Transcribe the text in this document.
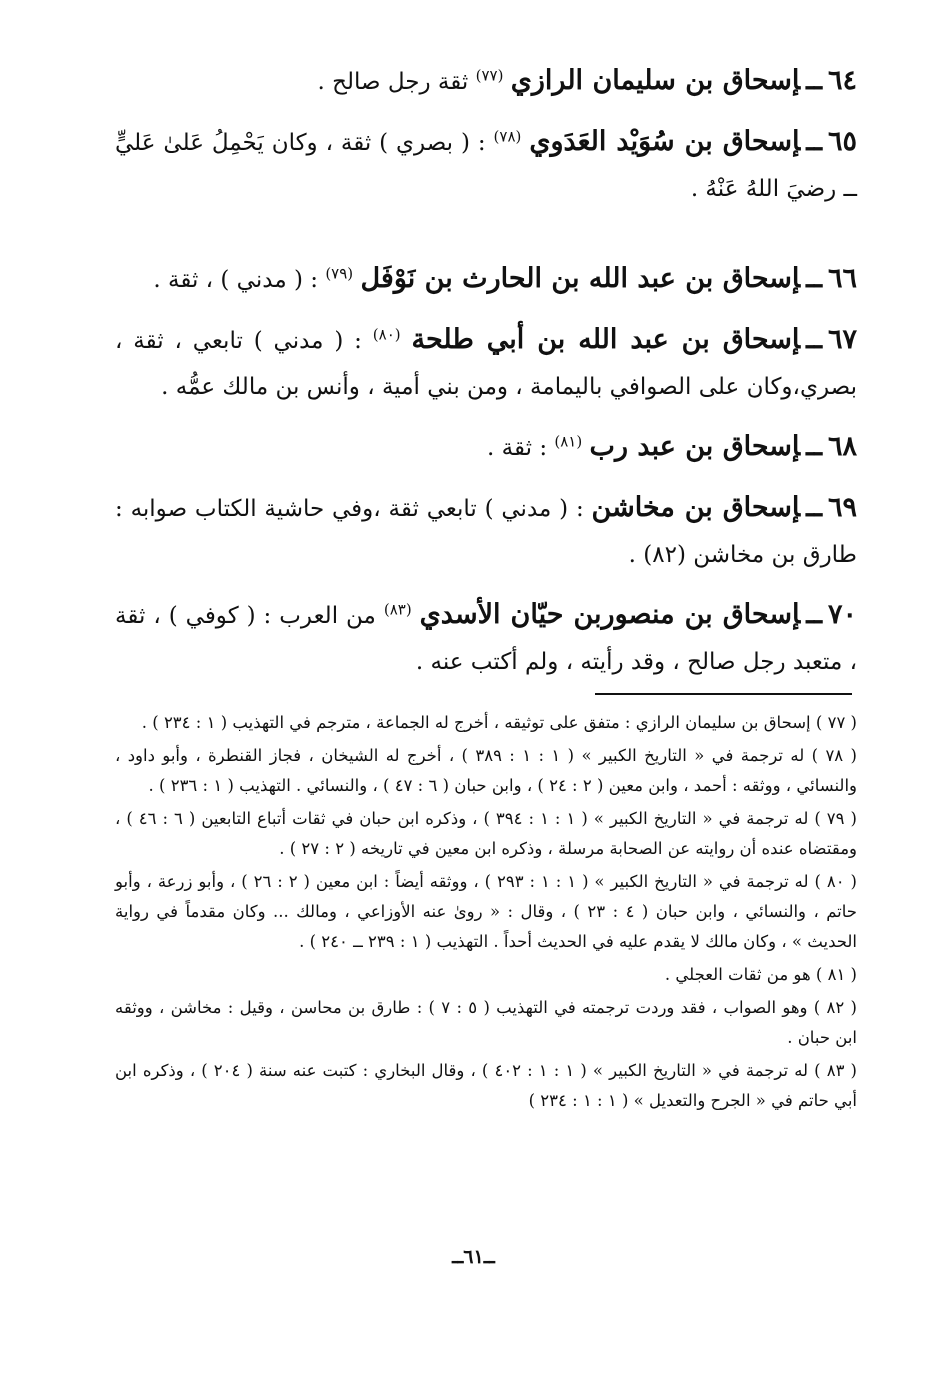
٦٤ــإسحاق بن سليمان الرازي $^{(٧٧)}$ ثقة رجل صالح .

٦٥ــإسحاق بن سُوَيْد العَدَوي $^{(٧٨)}$ : ( بصري ) ثقة ، وكان يَحْمِلُ عَلىٰ عَليٍّ ــ رضيَ اللهُ عَنْهُ .

٦٦ــإسحاق بن عبد الله بن الحارث بن نَوْفَل $^{(٧٩)}$ : ( مدني ) ، ثقة .

٦٧ــإسحاق بن عبد الله بن أبي طلحة $^{(٨٠)}$ : ( مدني ) تابعي ، ثقة ، بصري،وكان على الصوافي باليمامة ، ومن بني أمية ، وأنس بن مالك عمُّه .

٦٨ــإسحاق بن عبد رب $^{(٨١)}$ : ثقة .

٦٩ــإسحاق بن مخاشن : ( مدني ) تابعي ثقة ،وفي حاشية الكتاب صوابه : طارق بن مخاشن (٨٢) .

٧٠ــإسحاق بن منصوربن حيّان الأسدي $^{(٨٣)}$ من العرب : ( كوفي ) ، ثقة ، متعبد رجل صالح ، وقد رأيته ، ولم أكتب عنه .

( ٧٧ ) إسحاق بن سليمان الرازي : متفق على توثيقه ، أخرج له الجماعة ، مترجم في التهذيب ( ١ : ٢٣٤ ) .

( ٧٨ ) له ترجمة في « التاريخ الكبير » ( ١ : ١ : ٣٨٩ ) ، أخرج له الشيخان ، فجاز القنطرة ، وأبو داود ، والنسائي ، ووثقه : أحمد ، وابن معين ( ٢ : ٢٤ ) ، وابن حبان ( ٦ : ٤٧ ) ، والنسائي . التهذيب ( ١ : ٢٣٦ ) .

( ٧٩ ) له ترجمة في « التاريخ الكبير » ( ١ : ١ : ٣٩٤ ) ، وذكره ابن حبان في ثقات أتباع التابعين ( ٦ : ٤٦ ) ، ومقتضاه عنده أن روايته عن الصحابة مرسلة ، وذكره ابن معين في تاريخه ( ٢ : ٢٧ ) .

( ٨٠ ) له ترجمة في « التاريخ الكبير » ( ١ : ١ : ٢٩٣ ) ، ووثقه أيضاً : ابن معين ( ٢ : ٢٦ ) ، وأبو زرعة ، وأبو حاتم ، والنسائي ، وابن حبان ( ٤ : ٢٣ ) ، وقال : « روىٰ عنه الأوزاعي ، ومالك ... وكان مقدماً في رواية الحديث » ، وكان مالك لا يقدم عليه في الحديث أحداً . التهذيب ( ١ : ٢٣٩ ــ ٢٤٠ ) .

( ٨١ ) هو من ثقات العجلي .

( ٨٢ ) وهو الصواب ، فقد وردت ترجمته في التهذيب ( ٥ : ٧ ) : طارق بن محاسن ، وقيل : مخاشن ، ووثقه ابن حبان .

( ٨٣ ) له ترجمة في « التاريخ الكبير » ( ١ : ١ : ٤٠٢ ) ، وقال البخاري : كتبت عنه سنة ( ٢٠٤ ) ، وذكره ابن أبي حاتم في « الجرح والتعديل » ( ١ : ١ : ٢٣٤ )

ــ٦١ــ
